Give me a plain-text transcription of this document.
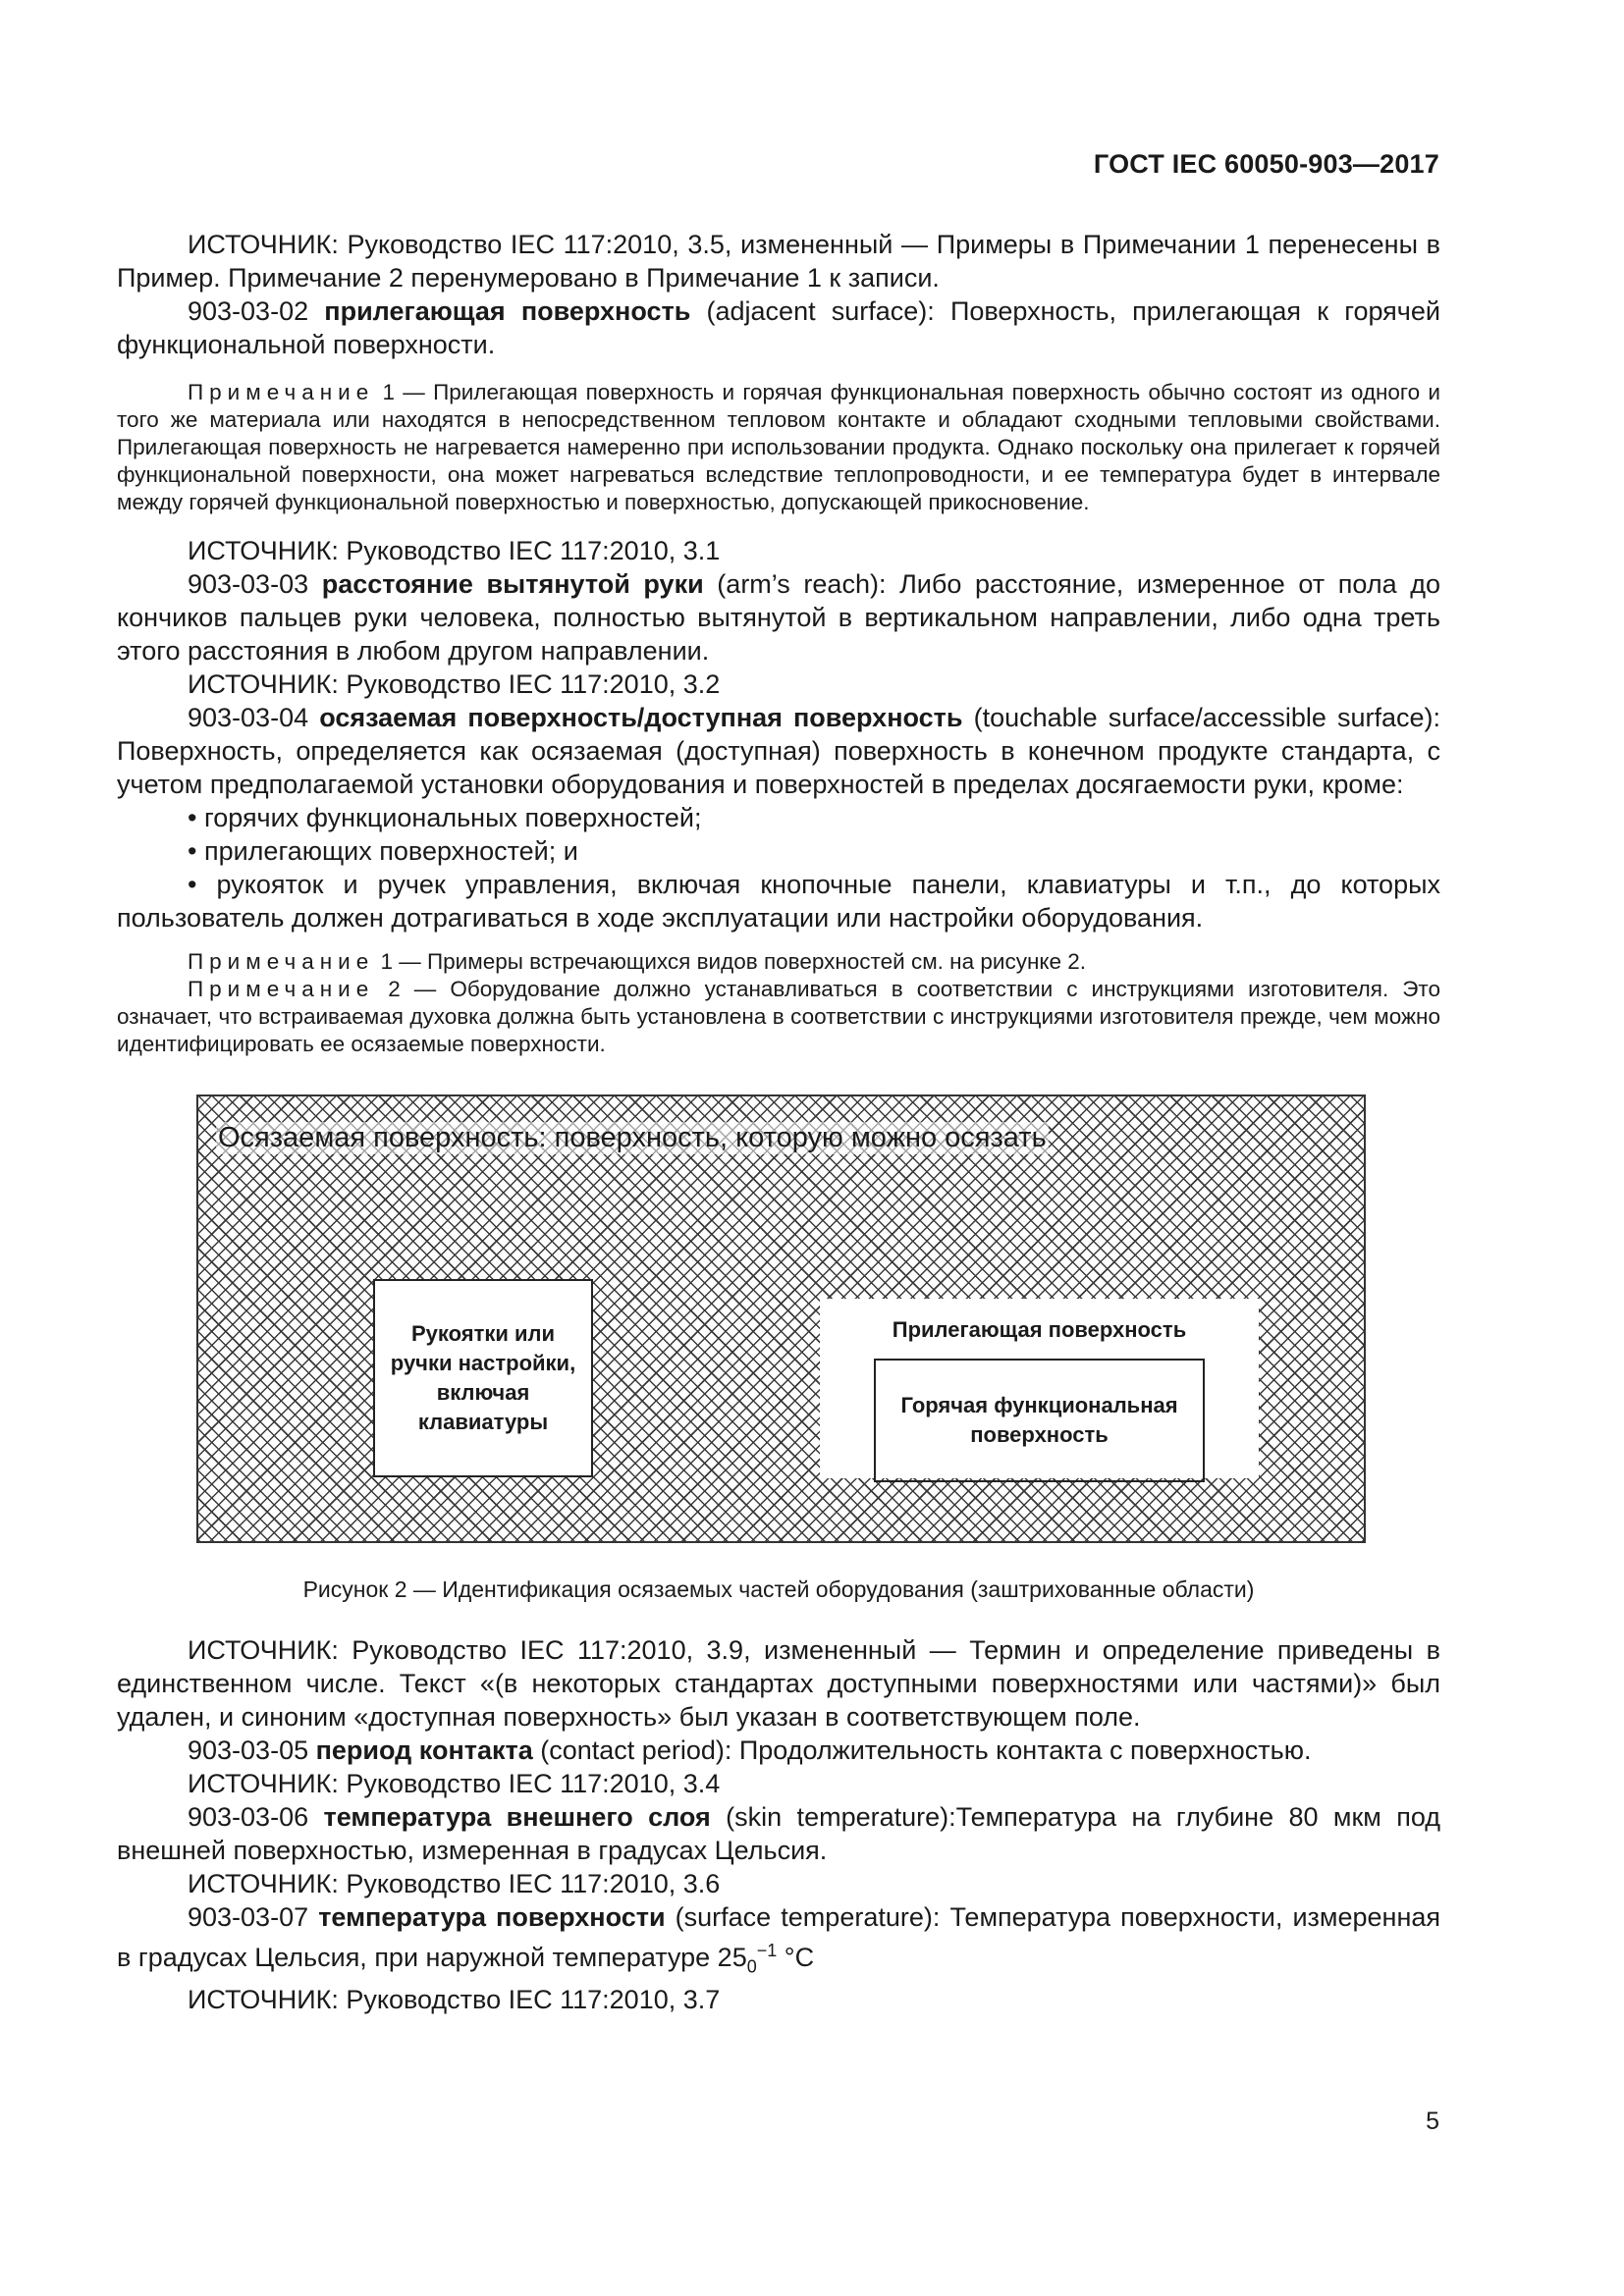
ГОСТ IEC 60050-903—2017

ИСТОЧНИК: Руководство IEC 117:2010, 3.5, измененный — Примеры в Примечании 1 перенесены в Пример. Примечание 2 перенумеровано в Примечание 1 к записи.

903-03-02 прилегающая поверхность (adjacent surface): Поверхность, прилегающая к горячей функциональной поверхности.

Примечание 1 — Прилегающая поверхность и горячая функциональная поверхность обычно состоят из одного и того же материала или находятся в непосредственном тепловом контакте и обладают сходными тепловыми свойствами. Прилегающая поверхность не нагревается намеренно при использовании продукта. Однако поскольку она прилегает к горячей функциональной поверхности, она может нагреваться вследствие теплопроводности, и ее температура будет в интервале между горячей функциональной поверхностью и поверхностью, допускающей прикосновение.

ИСТОЧНИК: Руководство IEC 117:2010, 3.1

903-03-03 расстояние вытянутой руки (arm’s reach): Либо расстояние, измеренное от пола до кончиков пальцев руки человека, полностью вытянутой в вертикальном направлении, либо одна треть этого расстояния в любом другом направлении.

ИСТОЧНИК: Руководство IEC 117:2010, 3.2

903-03-04 осязаемая поверхность/доступная поверхность (touchable surface/accessible surface): Поверхность, определяется как осязаемая (доступная) поверхность в конечном продукте стандарта, с учетом предполагаемой установки оборудования и поверхностей в пределах досягаемости руки, кроме:

• горячих функциональных поверхностей;

• прилегающих поверхностей; и

• рукояток и ручек управления, включая кнопочные панели, клавиатуры и т.п., до которых пользователь должен дотрагиваться в ходе эксплуатации или настройки оборудования.

Примечание 1 — Примеры встречающихся видов поверхностей см. на рисунке 2.

Примечание 2 — Оборудование должно устанавливаться в соответствии с инструкциями изготовителя. Это означает, что встраиваемая духовка должна быть установлена в соответствии с инструкциями изготовителя прежде, чем можно идентифицировать ее осязаемые поверхности.

Осязаемая поверхность: поверхность, которую можно осязать
Рукоятки или ручки настройки, включая клавиатуры
Прилегающая поверхность
Горячая функциональная поверхность

Рисунок 2 — Идентификация осязаемых частей оборудования (заштрихованные области)

ИСТОЧНИК: Руководство IEC 117:2010, 3.9, измененный — Термин и определение приведены в единственном числе. Текст «(в некоторых стандартах доступными поверхностями или частями)» был удален, и синоним «доступная поверхность» был указан в соответствующем поле.

903-03-05 период контакта (contact period): Продолжительность контакта с поверхностью.

ИСТОЧНИК: Руководство IEC 117:2010, 3.4

903-03-06 температура внешнего слоя (skin temperature):Температура на глубине 80 мкм под внешней поверхностью, измеренная в градусах Цельсия.

ИСТОЧНИК: Руководство IEC 117:2010, 3.6

903-03-07 температура поверхности (surface temperature): Температура поверхности, измеренная в градусах Цельсия, при наружной температуре $25_0^{-1}$ °C

ИСТОЧНИК: Руководство IEC 117:2010, 3.7

5
